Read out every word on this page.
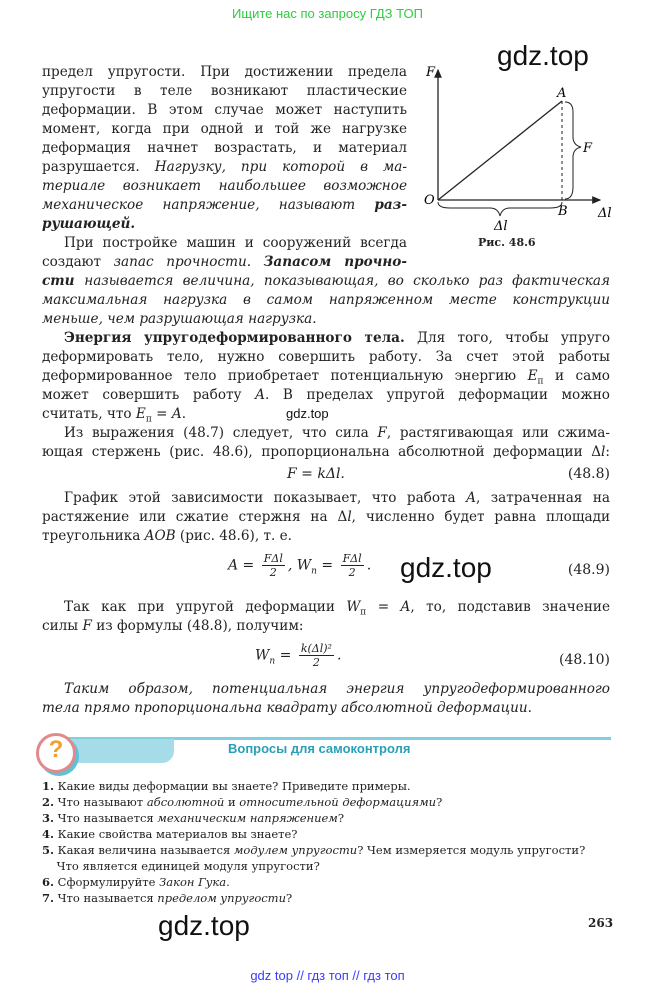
Ищите нас по запросу ГДЗ ТОП
gdz.top
F
A
F
O
B Δl
Δl
Рис. 48.6
предел упругости. При достижении предела
упругости в теле возникают пластические
деформации. В этом случае может наступить
момент, когда при одной и той же нагрузке
деформация начнет возрастать, и материал
разрушается. Нагрузку, при которой в ма-
териале возникает наибольшее возможное
механическое напряжение, называют раз-
рушающей.
При постройке машин и сооружений всегда
создают запас прочности. Запасом прочно-
сти называется величина, показывающая, во сколько раз фактическая
максимальная нагрузка в самом напряженном месте конструкции
меньше, чем разрушающая нагрузка.
Энергия упругодеформированного тела. Для того, чтобы упруго
деформировать тело, нужно совершить работу. За счет этой работы
деформированное тело приобретает потенциальную энергию $E_п$ и само
может совершить работу A. В пределах упругой деформации можно
считать, что $E_п = A$.
Из выражения (48.7) следует, что сила F, растягивающая или сжима-
ющая стержень (рис. 48.6), пропорциональна абсолютной деформации Δl:
График этой зависимости показывает, что работа A, затраченная на
растяжение или сжатие стержня на Δl, численно будет равна площади
треугольника AOB (рис. 48.6), т. е.
Так как при упругой деформации $W_п = A$, то, подставив значение
силы F из формулы (48.8), получим:
Таким образом, потенциальная энергия упругодеформированного
тела прямо пропорциональна квадрату абсолютной деформации.
gdz.top
F = kΔl.	(48.8)
$A = \frac{\text{FΔl}}{2}$ , $W_п = \frac{\text{FΔl}}{2}$ . gdz.top	(48.9)
$W_п = \frac{\text{k(Δl)²}}{2}$ .	(48.10)
?	Вопросы для самоконтроля
1. Какие виды деформации вы знаете? Приведите примеры.
2. Что называют абсолютной и относительной деформациями?
3. Что называется механическим напряжением?
4. Какие свойства материалов вы знаете?
5. Какая величина называется модулем упругости? Чем измеряется модуль упругости?
Что является единицей модуля упругости?
6. Сформулируйте Закон Гука.
7. Что называется пределом упругости?
263
gdz.top
gdz top // гдз топ // гдз топ
